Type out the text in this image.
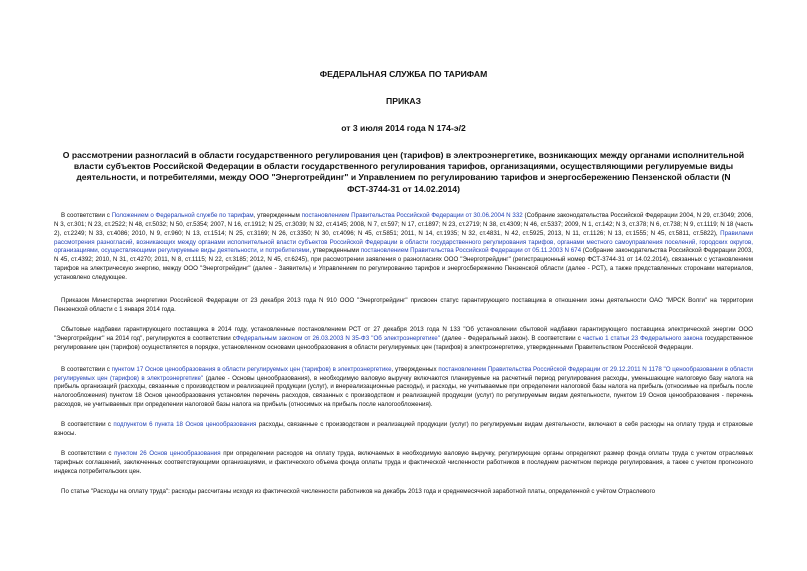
ФЕДЕРАЛЬНАЯ СЛУЖБА ПО ТАРИФАМ
ПРИКАЗ
от 3 июля 2014 года N 174-э/2
О рассмотрении разногласий в области государственного регулирования цен (тарифов) в электроэнергетике, возникающих между органами исполнительной власти субъектов Российской Федерации в области государственного регулирования тарифов, организациями, осуществляющими регулируемые виды деятельности, и потребителями, между ООО "Энерготрейдинг" и Управлением по регулированию тарифов и энергосбережению Пензенской области (N ФСТ-3744-31 от 14.02.2014)

В соответствии с Положением о Федеральной службе по тарифам, утвержденным постановлением Правительства Российской Федерации от 30.06.2004 N 332 (Собрание законодательства Российской Федерации 2004, N 29, ст.3049; 2006, N 3, ст.301; N 23, ст.2522; N 48, ст.5032; N 50, ст.5354; 2007, N 16, ст.1912; N 25, ст.3039; N 32, ст.4145; 2008, N 7, ст.597; N 17, ст.1897; N 23, ст.2719; N 38, ст.4309; N 46, ст.5337; 2009, N 1, ст.142; N 3, ст.378; N 6, ст.738; N 9, ст.1119; N 18 (часть 2), ст.2249; N 33, ст.4086; 2010, N 9, ст.960; N 13, ст.1514; N 25, ст.3169; N 26, ст.3350; N 30, ст.4096; N 45, ст.5851; 2011, N 14, ст.1935; N 32, ст.4831, N 42, ст.5925, 2013, N 11, ст.1126; N 13, ст.1555; N 45, ст.5811, ст.5822), Правилами рассмотрения разногласий, возникающих между органами исполнительной власти субъектов Российской Федерации в области государственного регулирования тарифов, органами местного самоуправления поселений, городских округов, организациями, осуществляющими регулируемые виды деятельности, и потребителями, утвержденными постановлением Правительства Российской Федерации от 05.11.2003 N 674 (Собрание законодательства Российской Федерации 2003, N 45, ст.4392; 2010, N 31, ст.4270; 2011, N 8, ст.1115; N 22, ст.3185; 2012, N 45, ст.6245), при рассмотрении заявления о разногласиях ООО "Энерготрейдинг" (регистрационный номер ФСТ-3744-31 от 14.02.2014), связанных с установлением тарифов на электрическую энергию, между ООО "Энерготрейдинг" (далее - Заявитель) и Управлением по регулированию тарифов и энергосбережению Пензенской области (далее - РСТ), а также представленных сторонами материалов, установлено следующее.

Приказом Министерства энергетики Российской Федерации от 23 декабря 2013 года N 910 ООО "Энерготрейдинг" присвоен статус гарантирующего поставщика в отношении зоны деятельности ОАО "МРСК Волги" на территории Пензенской области с 1 января 2014 года.

Сбытовые надбавки гарантирующего поставщика в 2014 году, установленные постановлением РСТ от 27 декабря 2013 года N 133 "Об установлении сбытовой надбавки гарантирующего поставщика электрической энергии ООО "Энерготрейдинг" на 2014 год", регулируются в соответствии сФедеральным законом от 26.03.2003 N 35-ФЗ "Об электроэнергетике" (далее - Федеральный закон). В соответствии с частью 1 статьи 23 Федерального закона государственное регулирование цен (тарифов) осуществляется в порядке, установленном основами ценообразования в области регулируемых цен (тарифов) в электроэнергетике, утвержденными Правительством Российской Федерации.

В соответствии с пунктом 17 Основ ценообразования в области регулируемых цен (тарифов) в электроэнергетике, утвержденных постановлением Правительства Российской Федерации от 29.12.2011 N 1178 "О ценообразовании в области регулируемых цен (тарифов) в электроэнергетике" (далее - Основы ценообразования), в необходимую валовую выручку включаются планируемые на расчетный период регулирования расходы, уменьшающие налоговую базу налога на прибыль организаций (расходы, связанные с производством и реализацией продукции (услуг), и внереализационные расходы), и расходы, не учитываемые при определении налоговой базы налога на прибыль (относимые на прибыль после налогообложения) пунктом 18 Основ ценообразования установлен перечень расходов, связанных с производством и реализацией продукции (услуг) по регулируемым видам деятельности, пунктом 19 Основ ценообразования - перечень расходов, не учитываемых при определении налоговой базы налога на прибыль (относимых на прибыль после налогообложения).

В соответствии с подпунктом 6 пункта 18 Основ ценообразования расходы, связанные с производством и реализацией продукции (услуг) по регулируемым видам деятельности, включают в себя расходы на оплату труда и страховые взносы.

В соответствии с пунктом 26 Основ ценообразования при определении расходов на оплату труда, включаемых в необходимую валовую выручку, регулирующие органы определяют размер фонда оплаты труда с учетом отраслевых тарифных соглашений, заключенных соответствующими организациями, и фактического объема фонда оплаты труда и фактической численности работников в последнем расчетном периоде регулирования, а также с учетом прогнозного индекса потребительских цен.

По статье "Расходы на оплату труда": расходы рассчитаны исходя из фактической численности работников на декабрь 2013 года и среднемесячной заработной платы, определенной с учётом Отраслевого
